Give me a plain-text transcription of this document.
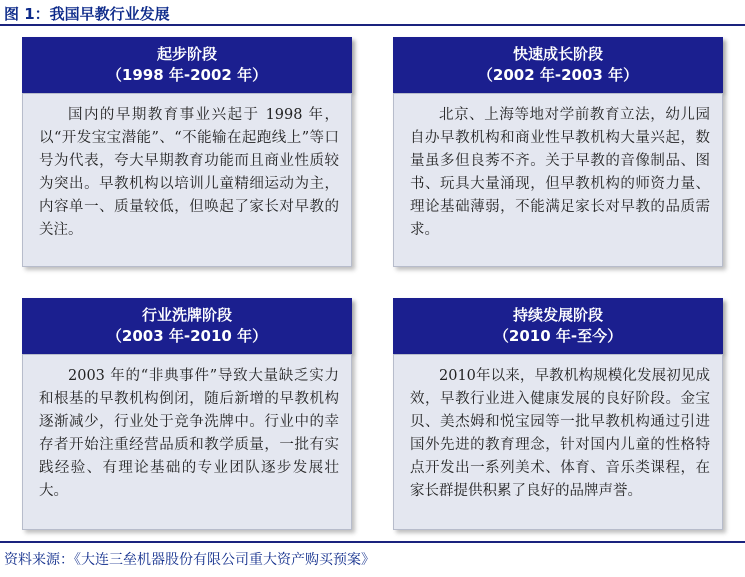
图 1：我国早教行业发展
起步阶段
（1998 年-2002 年）
国内的早期教育事业兴起于 1998 年，以“开发宝宝潜能”、“不能输在起跑线上”等口号为代表，夸大早期教育功能而且商业性质较为突出。早教机构以培训儿童精细运动为主，内容单一、质量较低，但唤起了家长对早教的关注。
快速成长阶段
（2002 年-2003 年）
北京、上海等地对学前教育立法，幼儿园自办早教机构和商业性早教机构大量兴起，数量虽多但良莠不齐。关于早教的音像制品、图书、玩具大量涌现，但早教机构的师资力量、理论基础薄弱，不能满足家长对早教的品质需求。
行业洗牌阶段
（2003 年-2010 年）
2003 年的“非典事件”导致大量缺乏实力和根基的早教机构倒闭，随后新增的早教机构逐渐减少，行业处于竞争洗牌中。行业中的幸存者开始注重经营品质和教学质量，一批有实践经验、有理论基础的专业团队逐步发展壮大。
持续发展阶段
（2010 年-至今）
2010年以来，早教机构规模化发展初见成效，早教行业进入健康发展的良好阶段。金宝贝、美杰姆和悦宝园等一批早教机构通过引进国外先进的教育理念，针对国内儿童的性格特点开发出一系列美术、体育、音乐类课程，在家长群提供积累了良好的品牌声誉。
资料来源：《大连三垒机器股份有限公司重大资产购买预案》
